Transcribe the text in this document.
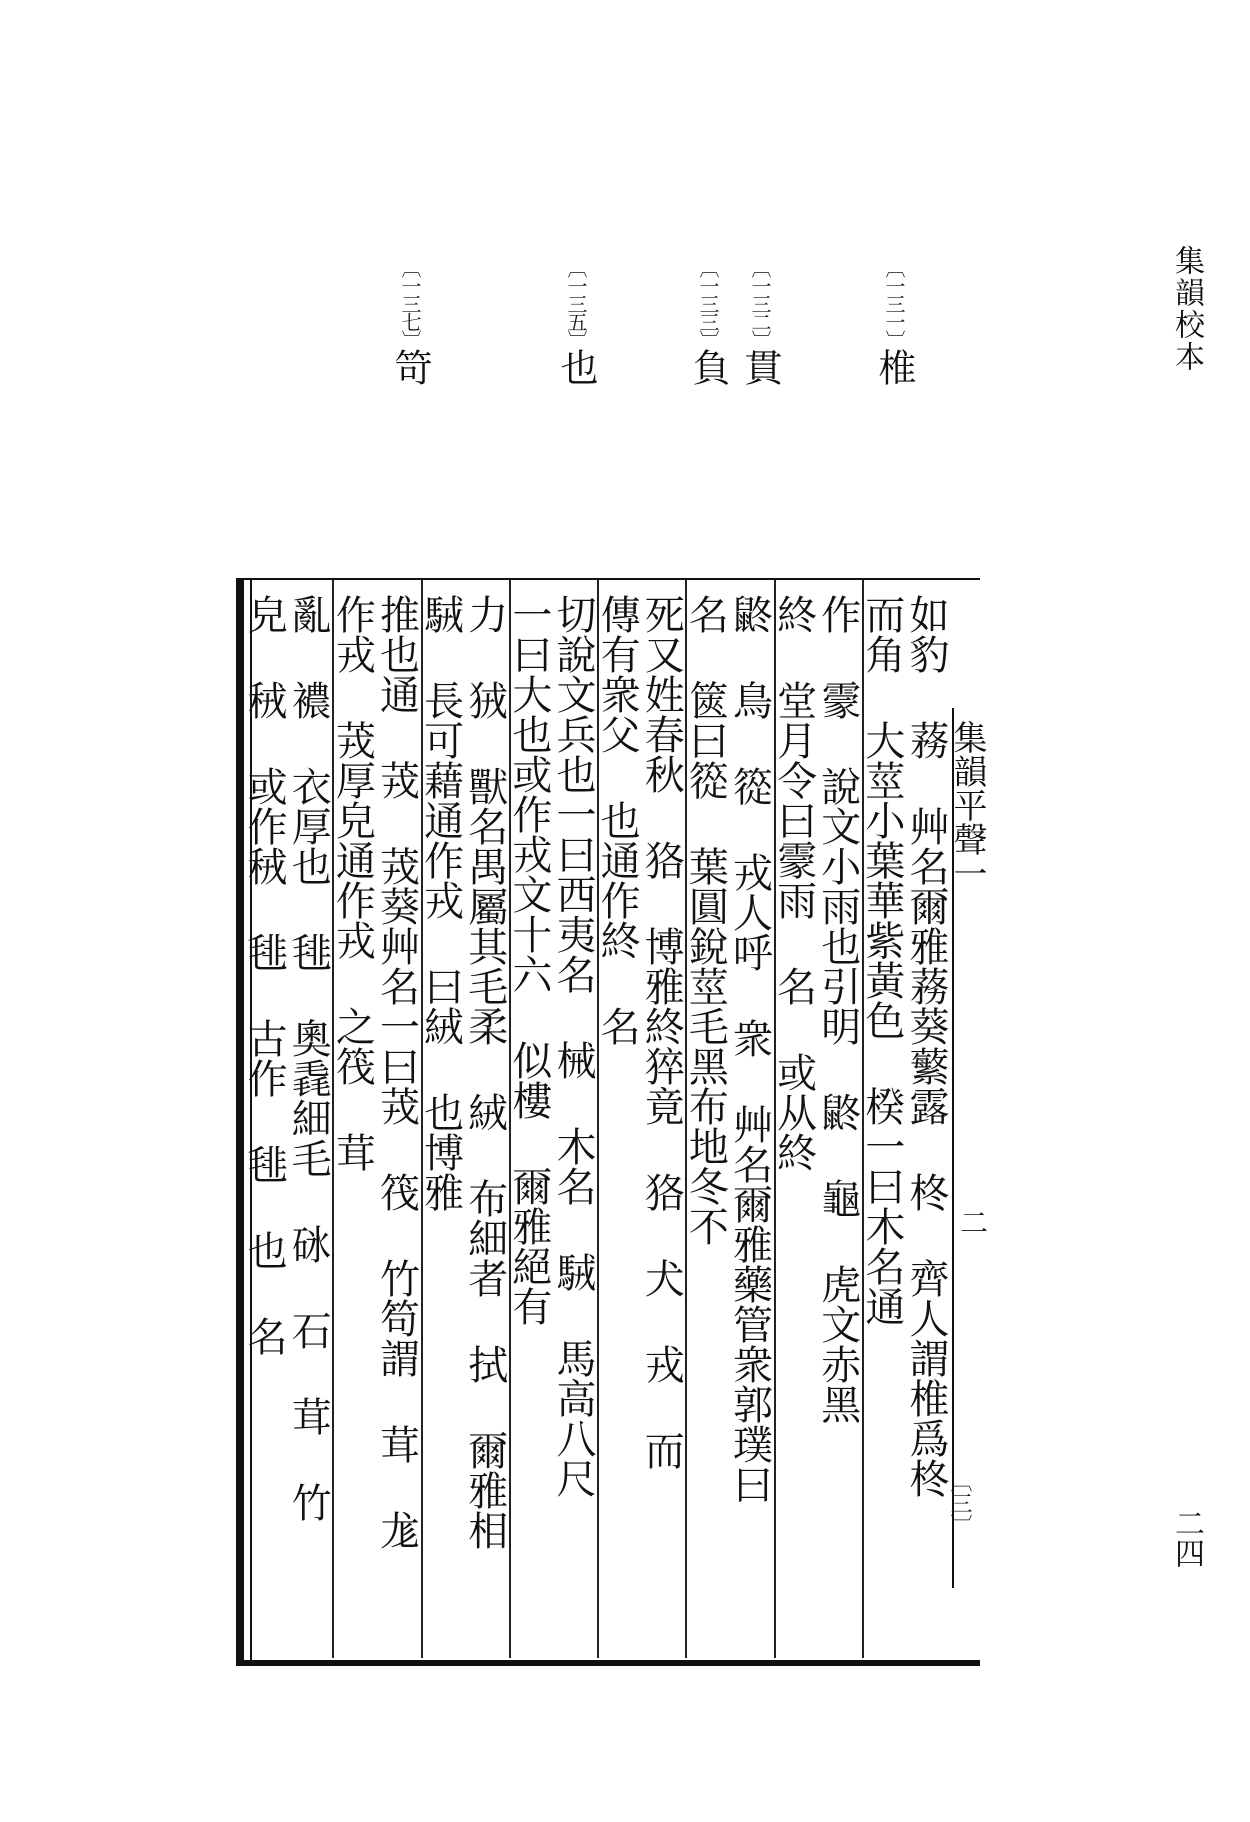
集韻校本
二四
〔一三一〕椎
〔一三二〕貫
〔一三三〕負
〔一三五〕也
〔一三七〕笴
集韻平聲一
二
〔三〕
如豹 蓩 艸名爾雅蓩葵蘩露 柊 齊人謂椎爲柊
而角 大莖小葉華紫黃色 楑一曰木名通
作 霥 說文小雨也引明 鼨 龜 虎文赤黑
終 堂月令曰霥雨 名 或从終
鼨 鳥 篵 戎人呼 衆 艸名爾雅藥管衆郭璞曰
名 篋曰篵 葉圓銳莖毛黑布地冬不
死又姓春秋 狢 博雅終猝竟 狢 犬 戎 而
傳有衆父 也通作終 名
切說文兵也一曰西夷名 械 木名 駥 馬高八尺
一曰大也或作戎文十六 似樓 爾雅絕有
力 狨 獸名禺屬其毛柔 絨 布細者 拭 爾雅相
駥 長可藉通作戎 曰絨 也博雅
推也通 茙 茙葵艸名一曰茙 筏 竹笱謂 茸 尨
作戎 茙厚皃通作戎 之筏 茸
亂 襛 衣厚也 毴 奧毳細毛 砯 石 茸 竹
皃 䄾 或作䄾 毴 古作 毴 也 名
